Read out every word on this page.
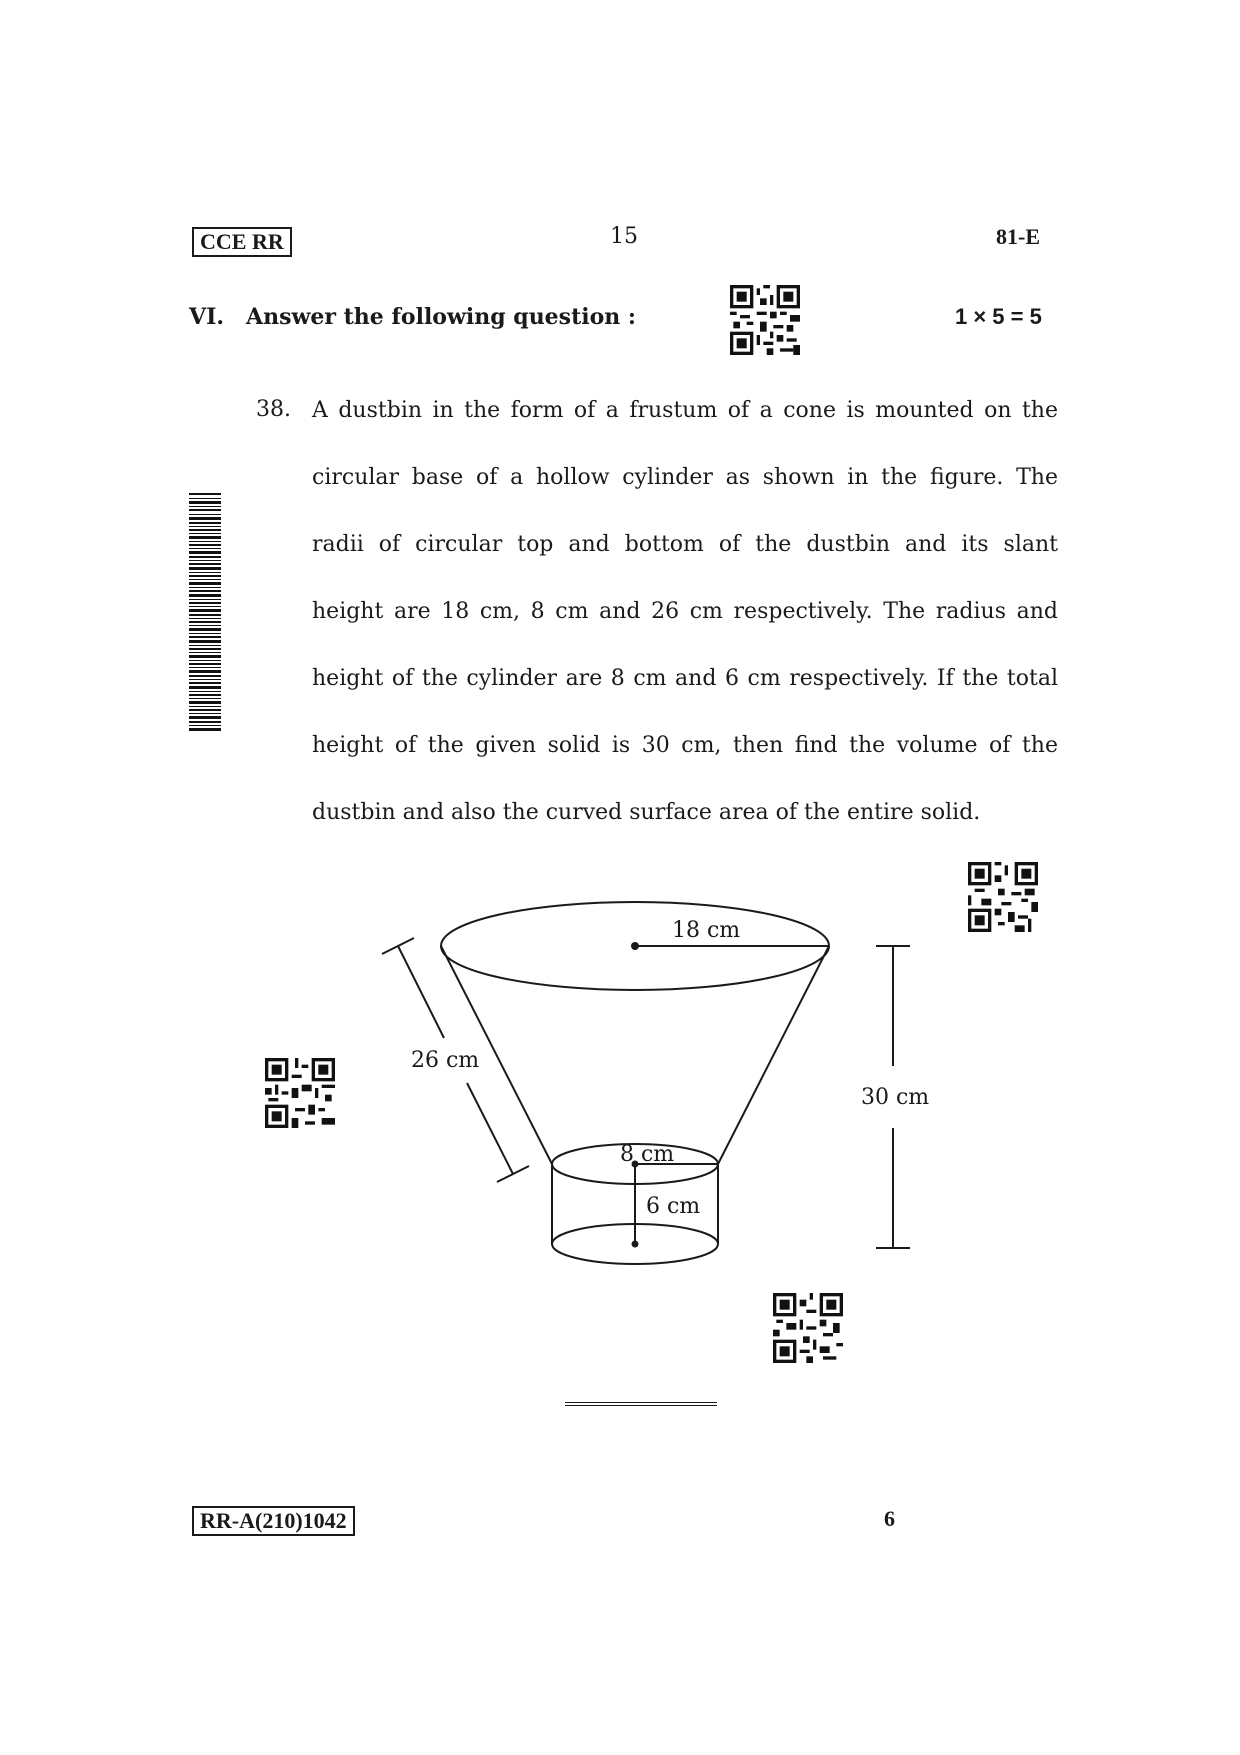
CCE RR	15	81-E
VI. Answer the following question :	1 × 5 = 5
38. A dustbin in the form of a frustum of a cone is mounted on the

circular base of a hollow cylinder as shown in the figure. The

radii of circular top and bottom of the dustbin and its slant

height are 18 cm, 8 cm and 26 cm respectively. The radius and

height of the cylinder are 8 cm and 6 cm respectively. If the total

height of the given solid is 30 cm, then find the volume of the

dustbin and also the curved surface area of the entire solid.

18 cm
26 cm
30 cm
8 cm
6 cm
RR-A(210)1042	6
